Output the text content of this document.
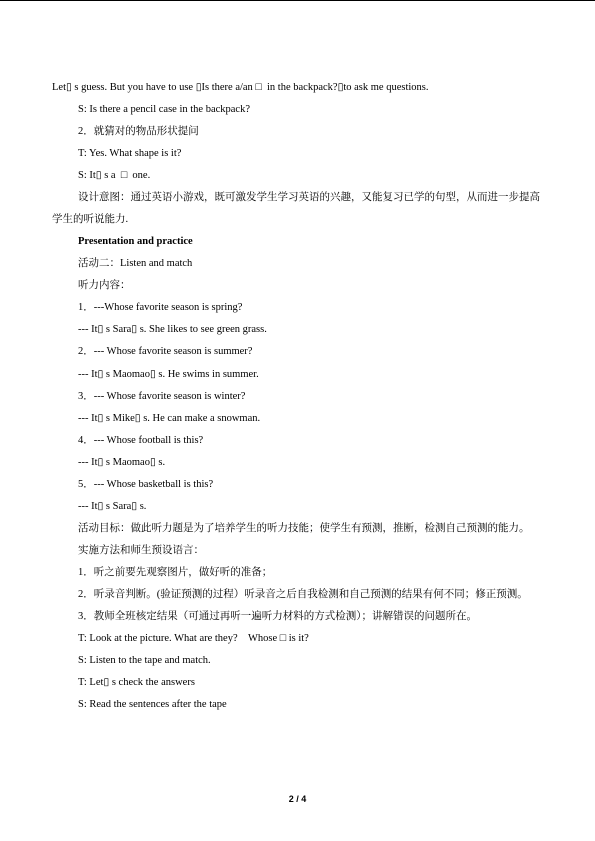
Let▯ s guess. But you have to use ▯Is there a/an □  in the backpack?▯to ask me questions.

S: Is there a pencil case in the backpack?

2．就猜对的物品形状提问

T: Yes. What shape is it?

S: It▯ s a  □  one.

设计意图：通过英语小游戏，既可激发学生学习英语的兴趣，又能复习已学的句型，从而进一步提高学生的听说能力.

Presentation and practice

活动二：Listen and match

听力内容：

1．---Whose favorite season is spring?

--- It▯ s Sara▯ s. She likes to see green grass.

2．--- Whose favorite season is summer?

--- It▯ s Maomao▯ s. He swims in summer.

3．--- Whose favorite season is winter?

--- It▯ s Mike▯ s. He can make a snowman.

4．--- Whose football is this?

--- It▯ s Maomao▯ s.

5．--- Whose basketball is this?

--- It▯ s Sara▯ s.

活动目标：做此听力题是为了培养学生的听力技能；使学生有预测，推断，检测自己预测的能力。

实施方法和师生预设语言：

1．听之前要先观察图片，做好听的准备；

2．听录音判断。(验证预测的过程）听录音之后自我检测和自己预测的结果有何不同；修正预测。

3．教师全班核定结果（可通过再听一遍听力材料的方式检测）；讲解错误的问题所在。

T: Look at the picture. What are they?    Whose □ is it?

S: Listen to the tape and match.

T: Let▯ s check the answers

S: Read the sentences after the tape

2 / 4
